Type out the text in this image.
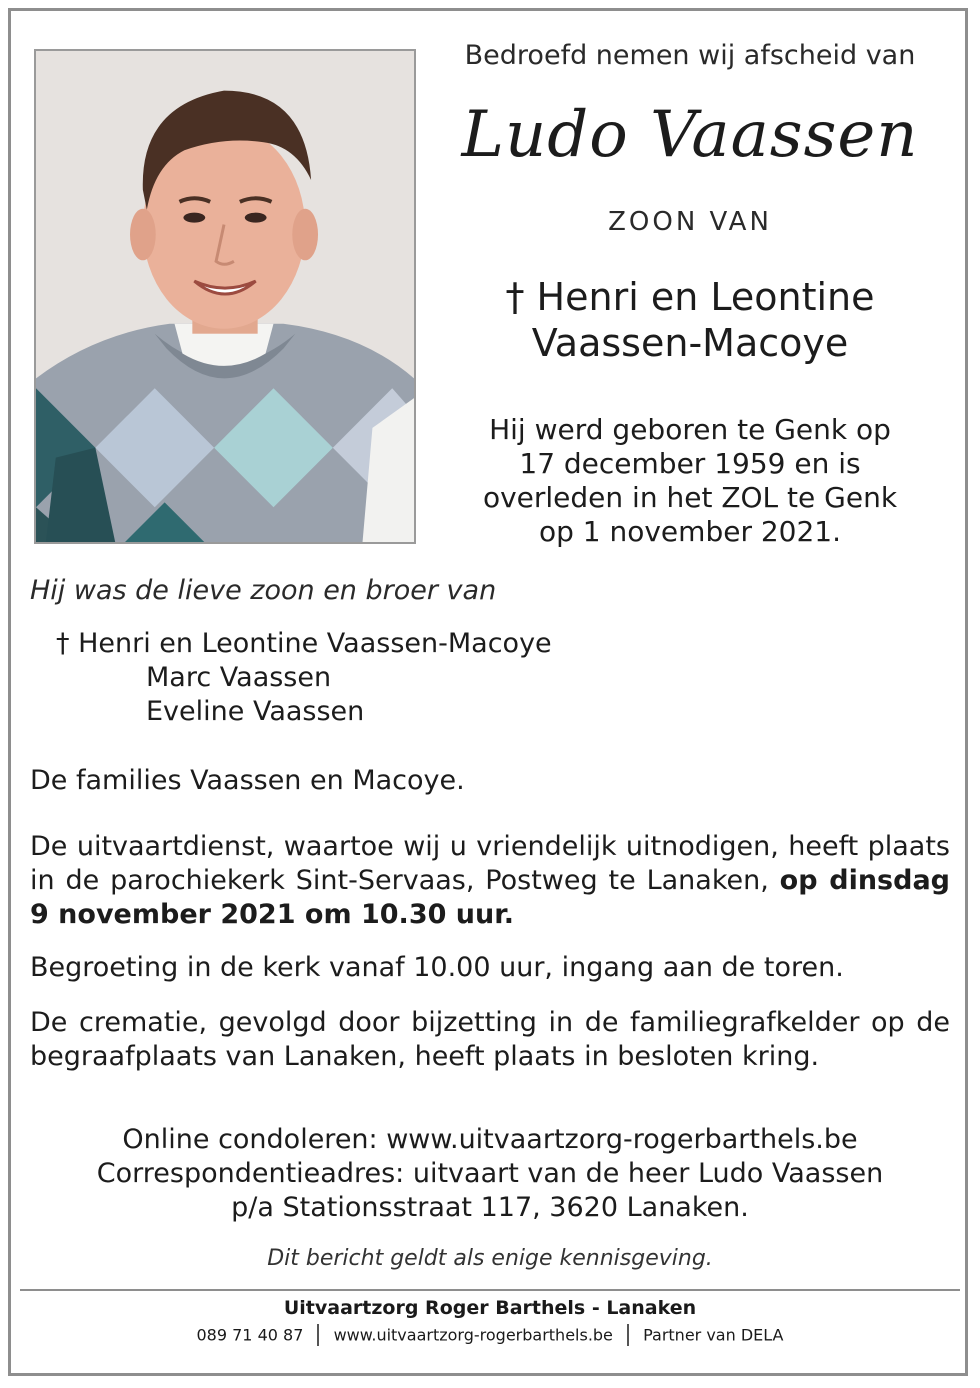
Bedroefd nemen wij afscheid van
Ludo Vaassen
ZOON VAN
† Henri en Leontine
Vaassen-Macoye
Hij werd geboren te Genk op
17 december 1959 en is
overleden in het ZOL te Genk
op 1 november 2021.
Hij was de lieve zoon en broer van
† Henri en Leontine Vaassen-Macoye
Marc Vaassen
Eveline Vaassen
De families Vaassen en Macoye.
De uitvaartdienst, waartoe wij u vriendelijk uitnodigen, heeft plaats in de parochiekerk Sint-Servaas, Postweg te Lanaken, op dinsdag 9 november 2021 om 10.30 uur.
Begroeting in de kerk vanaf 10.00 uur, ingang aan de toren.
De crematie, gevolgd door bijzetting in de familiegrafkelder op de begraafplaats van Lanaken, heeft plaats in besloten kring.
Online condoleren: www.uitvaartzorg-rogerbarthels.be
Correspondentieadres: uitvaart van de heer Ludo Vaassen
p/a Stationsstraat 117, 3620 Lanaken.
Dit bericht geldt als enige kennisgeving.
Uitvaartzorg Roger Barthels - Lanaken
089 71 40 87 www.uitvaartzorg-rogerbarthels.be Partner van DELA
